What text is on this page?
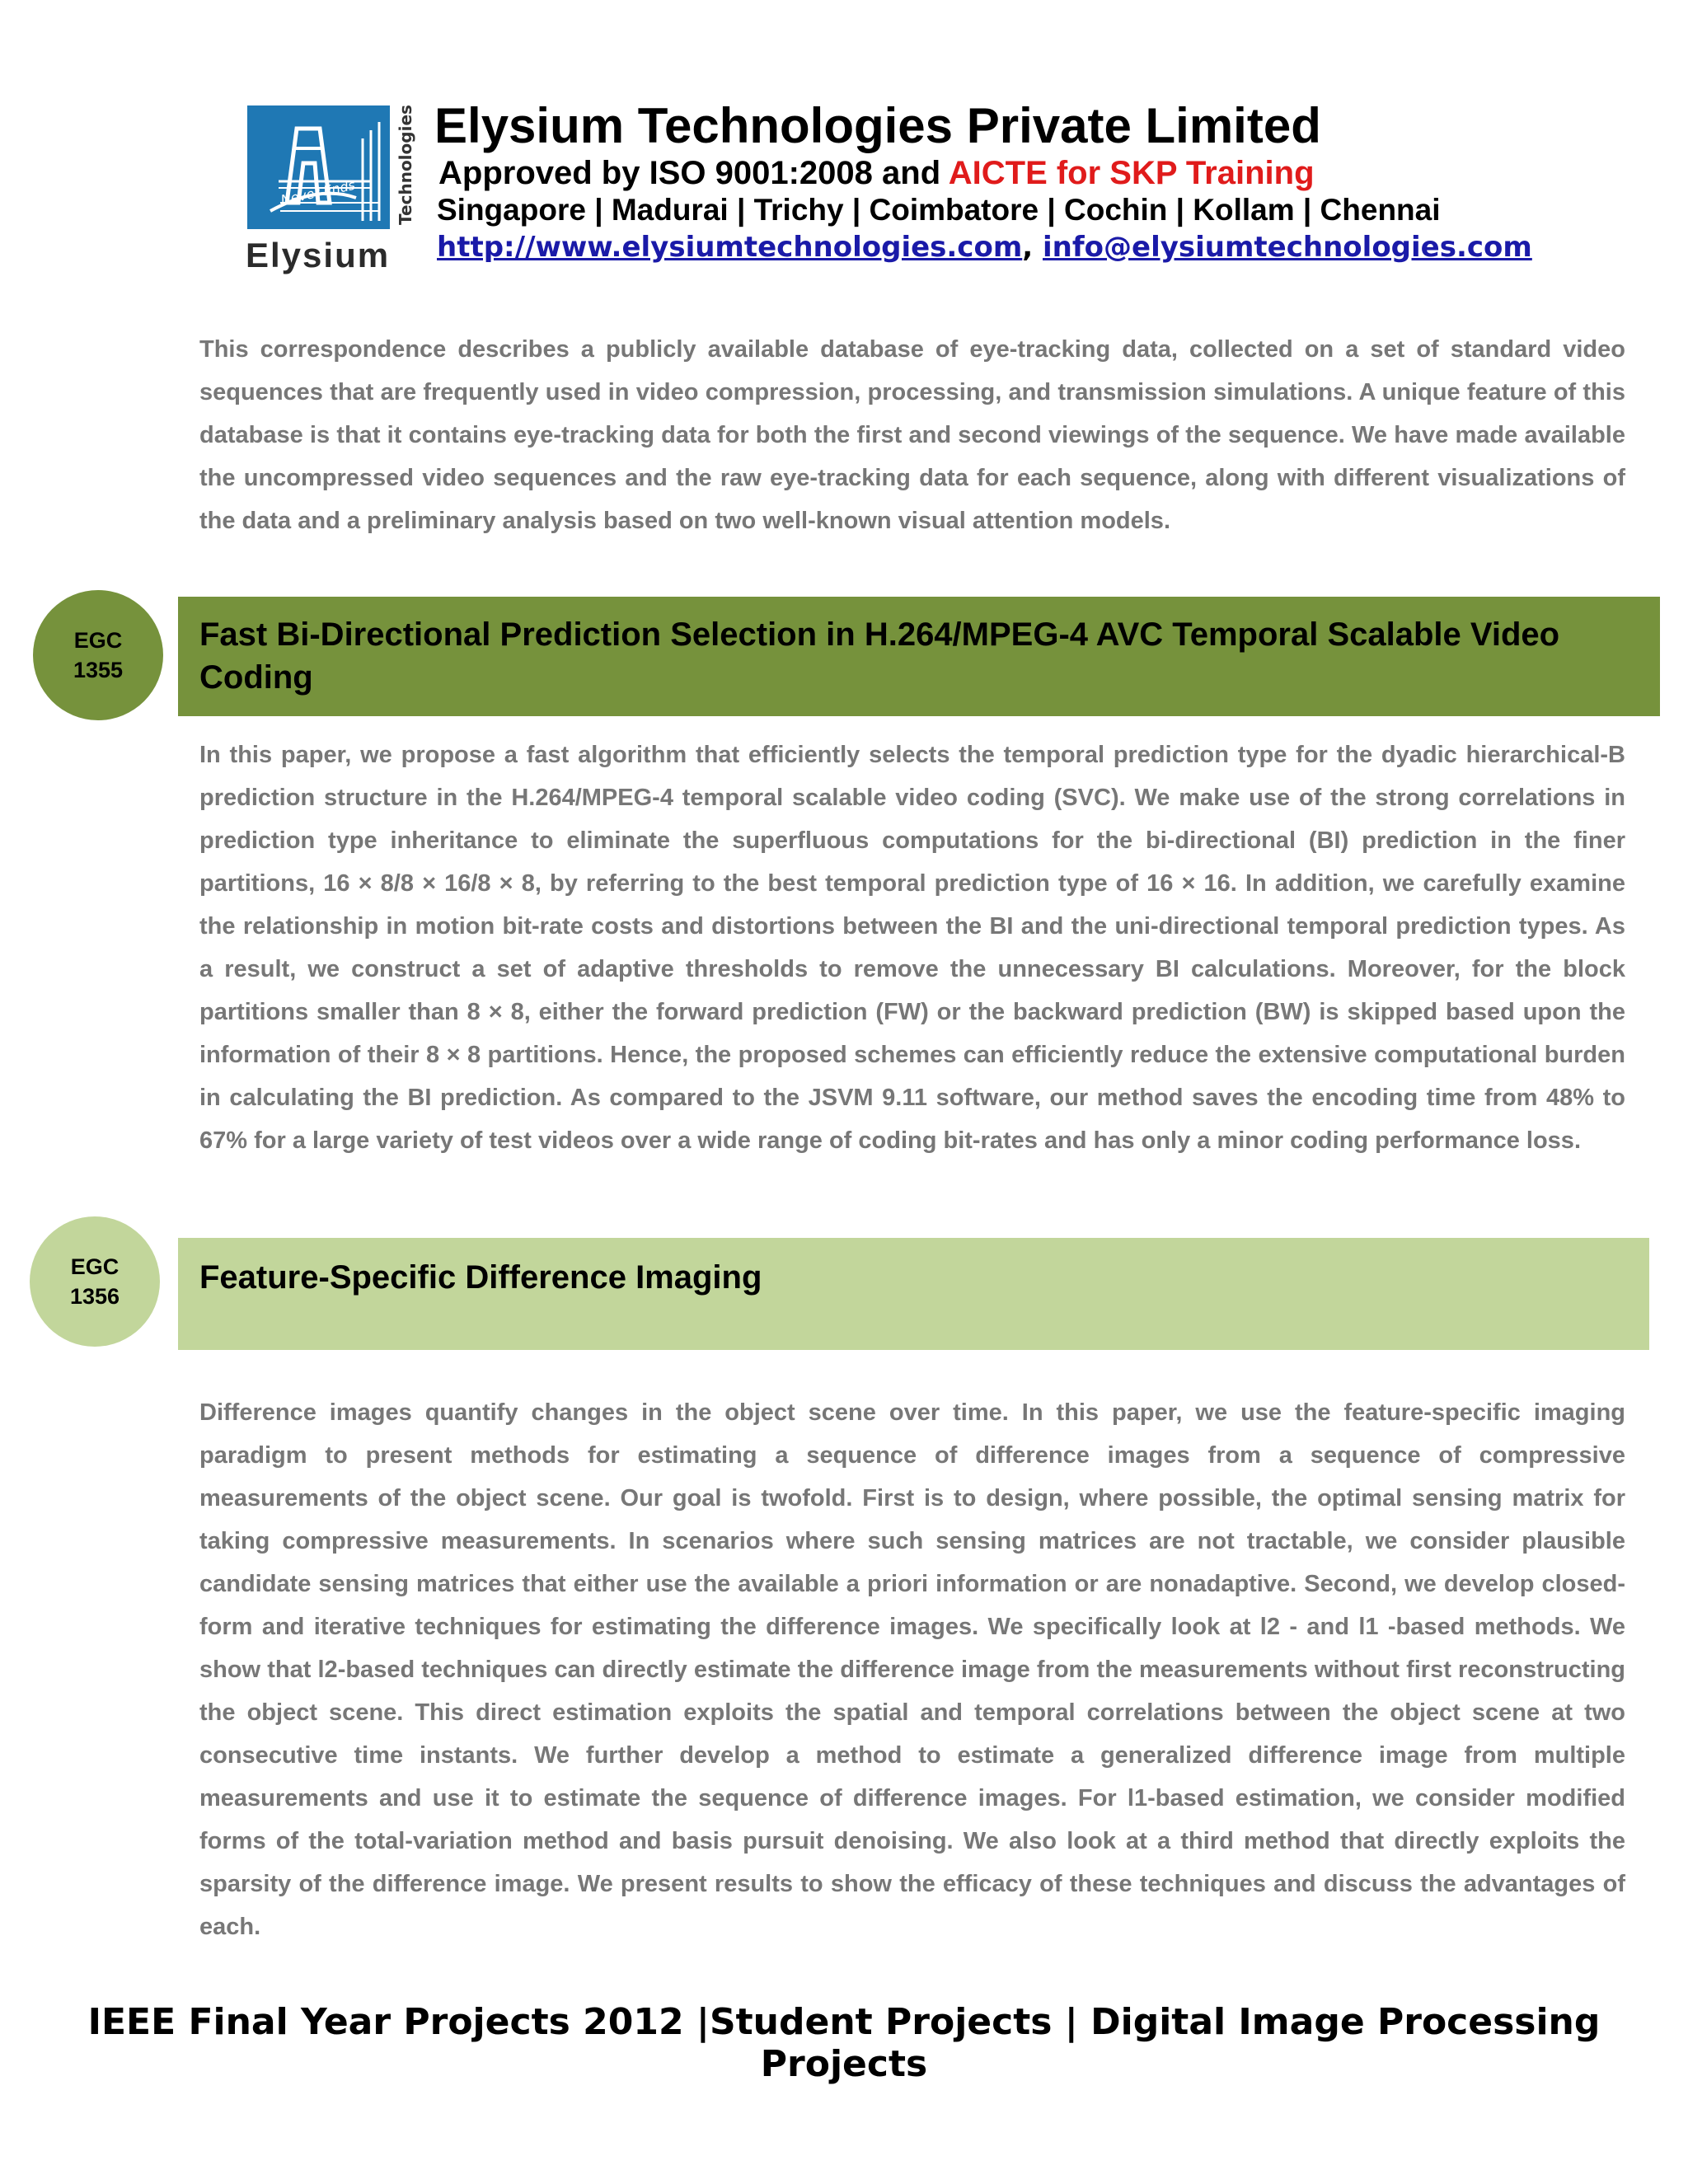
Never Ends Technologies
Elysium
Elysium Technologies Private Limited
Approved by ISO 9001:2008 and AICTE for SKP Training
Singapore | Madurai | Trichy | Coimbatore | Cochin | Kollam | Chennai
http://www.elysiumtechnologies.com, info@elysiumtechnologies.com

This correspondence describes a publicly available database of eye-tracking data, collected on a set of standard video sequences that are frequently used in video compression, processing, and transmission simulations. A unique feature of this database is that it contains eye-tracking data for both the first and second viewings of the sequence. We have made available the uncompressed video sequences and the raw eye-tracking data for each sequence, along with different visualizations of the data and a preliminary analysis based on two well-known visual attention models.

EGC
1355
Fast Bi-Directional Prediction Selection in H.264/MPEG-4 AVC Temporal Scalable Video Coding

In this paper, we propose a fast algorithm that efficiently selects the temporal prediction type for the dyadic hierarchical-B prediction structure in the H.264/MPEG-4 temporal scalable video coding (SVC). We make use of the strong correlations in prediction type inheritance to eliminate the superfluous computations for the bi-directional (BI) prediction in the finer partitions, 16 × 8/8 × 16/8 × 8, by referring to the best temporal prediction type of 16 × 16. In addition, we carefully examine the relationship in motion bit-rate costs and distortions between the BI and the uni-directional temporal prediction types. As a result, we construct a set of adaptive thresholds to remove the unnecessary BI calculations. Moreover, for the block partitions smaller than 8 × 8, either the forward prediction (FW) or the backward prediction (BW) is skipped based upon the information of their 8 × 8 partitions. Hence, the proposed schemes can efficiently reduce the extensive computational burden in calculating the BI prediction. As compared to the JSVM 9.11 software, our method saves the encoding time from 48% to 67% for a large variety of test videos over a wide range of coding bit-rates and has only a minor coding performance loss.

EGC
1356
Feature-Specific Difference Imaging

Difference images quantify changes in the object scene over time. In this paper, we use the feature-specific imaging paradigm to present methods for estimating a sequence of difference images from a sequence of compressive measurements of the object scene. Our goal is twofold. First is to design, where possible, the optimal sensing matrix for taking compressive measurements. In scenarios where such sensing matrices are not tractable, we consider plausible candidate sensing matrices that either use the available a priori information or are nonadaptive. Second, we develop closed-form and iterative techniques for estimating the difference images. We specifically look at l2 - and l1 -based methods. We show that l2-based techniques can directly estimate the difference image from the measurements without first reconstructing the object scene. This direct estimation exploits the spatial and temporal correlations between the object scene at two consecutive time instants. We further develop a method to estimate a generalized difference image from multiple measurements and use it to estimate the sequence of difference images. For l1-based estimation, we consider modified forms of the total-variation method and basis pursuit denoising. We also look at a third method that directly exploits the sparsity of the difference image. We present results to show the efficacy of these techniques and discuss the advantages of each.

IEEE Final Year Projects 2012 |Student Projects | Digital Image Processing Projects
